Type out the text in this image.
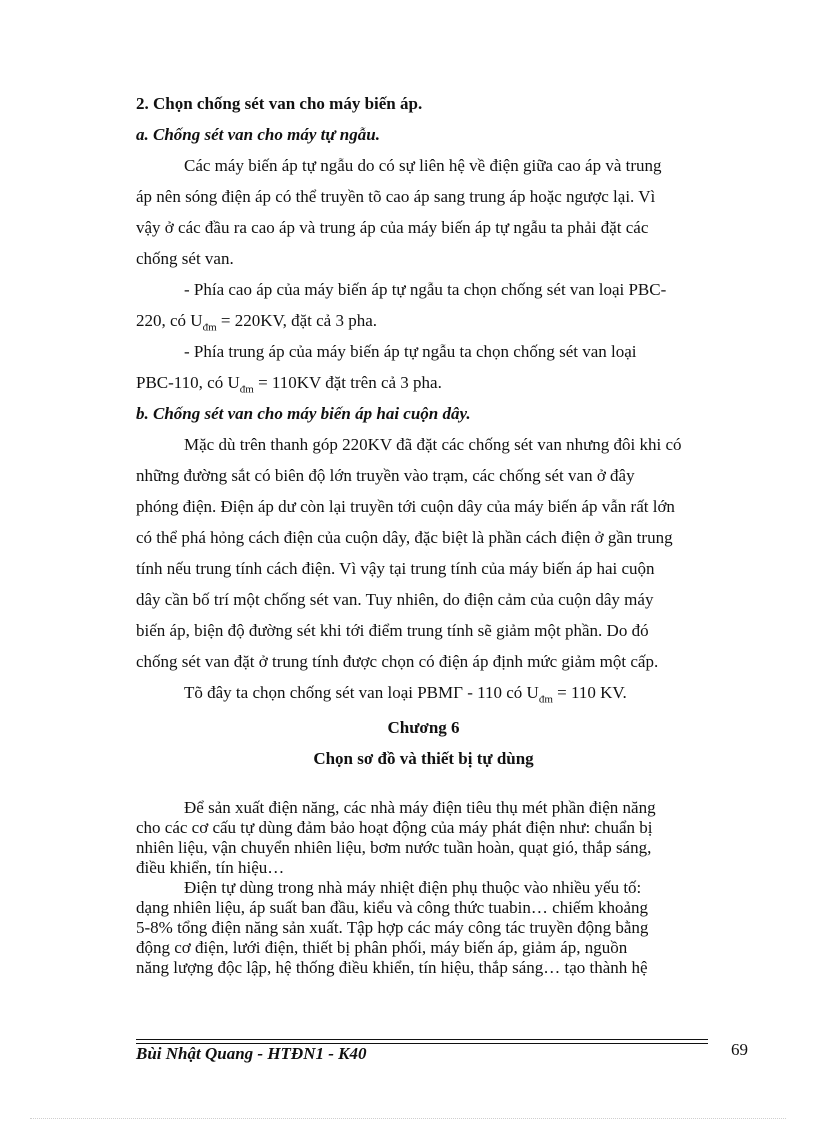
2. Chọn chống sét van cho máy biến áp.
a. Chống sét van cho máy tự ngẫu.
Các máy biến áp tự ngẫu do có sự liên hệ về điện giữa cao áp và trung
áp nên sóng điện áp có thể truyền tõ cao áp sang trung áp hoặc ngược lại. Vì
vậy ở các đầu ra cao áp và trung áp của máy biến áp tự ngẫu ta phải đặt các
chống sét van.
- Phía cao áp của máy biến áp tự ngẫu ta chọn chống sét van loại PBC-
220, có $U_{đm} = 220KV$, đặt cả 3 pha.
- Phía trung áp của máy biến áp tự ngẫu ta chọn chống sét van loại
PBC-110, có $U_{đm} = 110KV$ đặt trên cả 3 pha.
b. Chống sét van cho máy biến áp hai cuộn dây.
Mặc dù trên thanh góp 220KV đã đặt các chống sét van nhưng đôi khi có
những đường sắt có biên độ lớn truyền vào trạm, các chống sét van ở đây
phóng điện. Điện áp dư còn lại truyền tới cuộn dây của máy biến áp vẫn rất lớn
có thể phá hỏng cách điện của cuộn dây, đặc biệt là phần cách điện ở gần trung
tính nếu trung tính cách điện. Vì vậy tại trung tính của máy biến áp hai cuộn
dây cần bố trí một chống sét van. Tuy nhiên, do điện cảm của cuộn dây máy
biến áp, biện độ đường sét khi tới điểm trung tính sẽ giảm một phần. Do đó
chống sét van đặt ở trung tính được chọn có điện áp định mức giảm một cấp.
Tõ đây ta chọn chống sét van loại PBMΓ - 110 có $U_{đm} = 110$ KV.
Chương 6
Chọn sơ đồ và thiết bị tự dùng
Để sản xuất điện năng, các nhà máy điện tiêu thụ mét phần điện năng
cho các cơ cấu tự dùng đảm bảo hoạt động của máy phát điện như: chuẩn bị
nhiên liệu, vận chuyển nhiên liệu, bơm nước tuần hoàn, quạt gió, thắp sáng,
điều khiển, tín hiệu…
Điện tự dùng trong nhà máy nhiệt điện phụ thuộc vào nhiều yếu tố:
dạng nhiên liệu, áp suất ban đầu, kiểu và công thức tuabin… chiếm khoảng
5-8% tổng điện năng sản xuất. Tập hợp các máy công tác truyền động bằng
động cơ điện, lưới điện, thiết bị phân phối, máy biến áp, giảm áp, nguồn
năng lượng độc lập, hệ thống điều khiển, tín hiệu, thắp sáng… tạo thành hệ
Bùi Nhật Quang - HTĐN1 - K40	69
